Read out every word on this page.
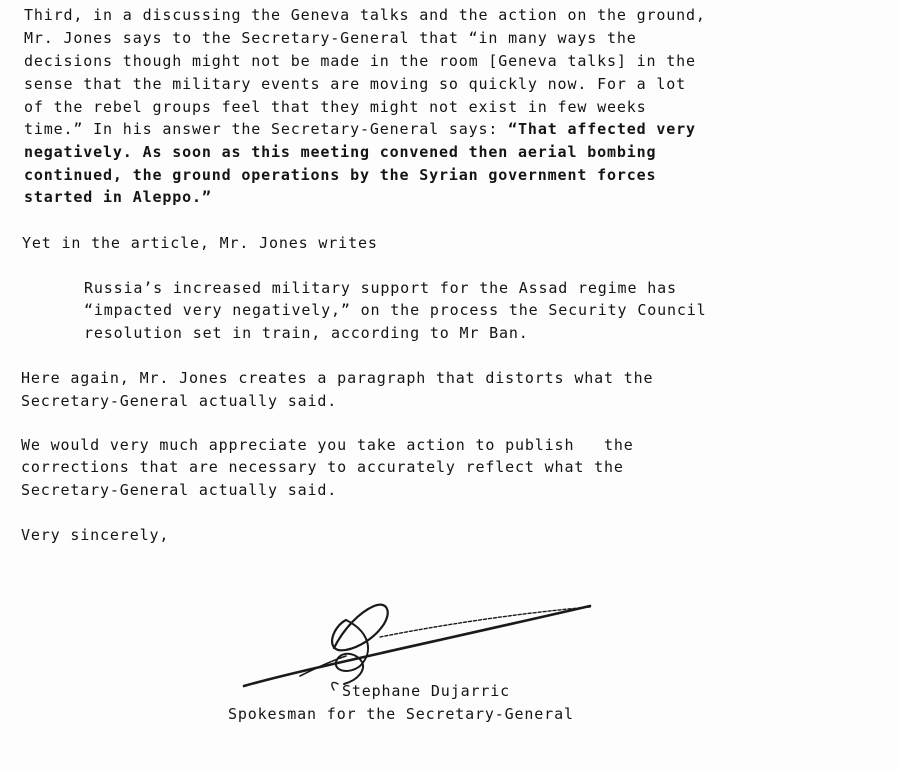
Third, in a discussing the Geneva talks and the action on the ground,
Mr. Jones says to the Secretary-General that “in many ways the
decisions though might not be made in the room [Geneva talks] in the
sense that the military events are moving so quickly now. For a lot
of the rebel groups feel that they might not exist in few weeks
time.” In his answer the Secretary-General says: “That affected very
negatively. As soon as this meeting convened then aerial bombing
continued, the ground operations by the Syrian government forces
started in Aleppo.”
Yet in the article, Mr. Jones writes
Russia’s increased military support for the Assad regime has
“impacted very negatively,” on the process the Security Council
resolution set in train, according to Mr Ban.
Here again, Mr. Jones creates a paragraph that distorts what the
Secretary-General actually said.
We would very much appreciate you take action to publish   the
corrections that are necessary to accurately reflect what the
Secretary-General actually said.
Very sincerely,
Stephane Dujarric
Spokesman for the Secretary-General
